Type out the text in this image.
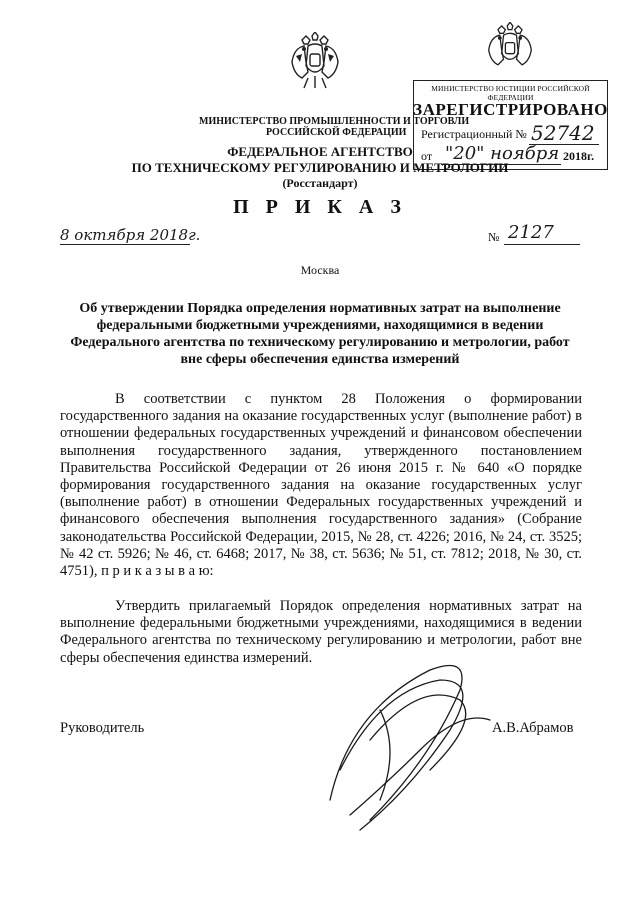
МИНИСТЕРСТВО ПРОМЫШЛЕННОСТИ И ТОРГОВЛИ
РОССИЙСКОЙ ФЕДЕРАЦИИ
МИНИСТЕРСТВО ЮСТИЦИИ РОССИЙСКОЙ ФЕДЕРАЦИИ
ЗАРЕГИСТРИРОВАНО
Регистрационный № 52742
от "20" ноября 2018г.
ФЕДЕРАЛЬНОЕ АГЕНТСТВО
ПО ТЕХНИЧЕСКОМУ РЕГУЛИРОВАНИЮ И МЕТРОЛОГИИ
(Росстандарт)
П Р И К А З
8 октября 2018г.	№ 2127
Москва
Об утверждении Порядка определения нормативных затрат на выполнение федеральными бюджетными учреждениями, находящимися в ведении Федерального агентства по техническому регулированию и метрологии, работ вне сферы обеспечения единства измерений
В соответствии с пунктом 28 Положения о формировании государственного задания на оказание государственных услуг (выполнение работ) в отношении федеральных государственных учреждений и финансовом обеспечении выполнения государственного задания, утвержденного постановлением Правительства Российской Федерации от 26 июня 2015 г. № 640 «О порядке формирования государственного задания на оказание государственных услуг (выполнение работ) в отношении Федеральных государственных учреждений и финансового обеспечения выполнения государственного задания» (Собрание законодательства Российской Федерации, 2015, № 28, ст. 4226; 2016, № 24, ст. 3525; № 42 ст. 5926; № 46, ст. 6468; 2017, № 38, ст. 5636; № 51, ст. 7812; 2018, № 30, ст. 4751), п р и к а з ы в а ю:
Утвердить прилагаемый Порядок определения нормативных затрат на выполнение федеральными бюджетными учреждениями, находящимися в ведении Федерального агентства по техническому регулированию и метрологии, работ вне сферы обеспечения единства измерений.
Руководитель	А.В.Абрамов
